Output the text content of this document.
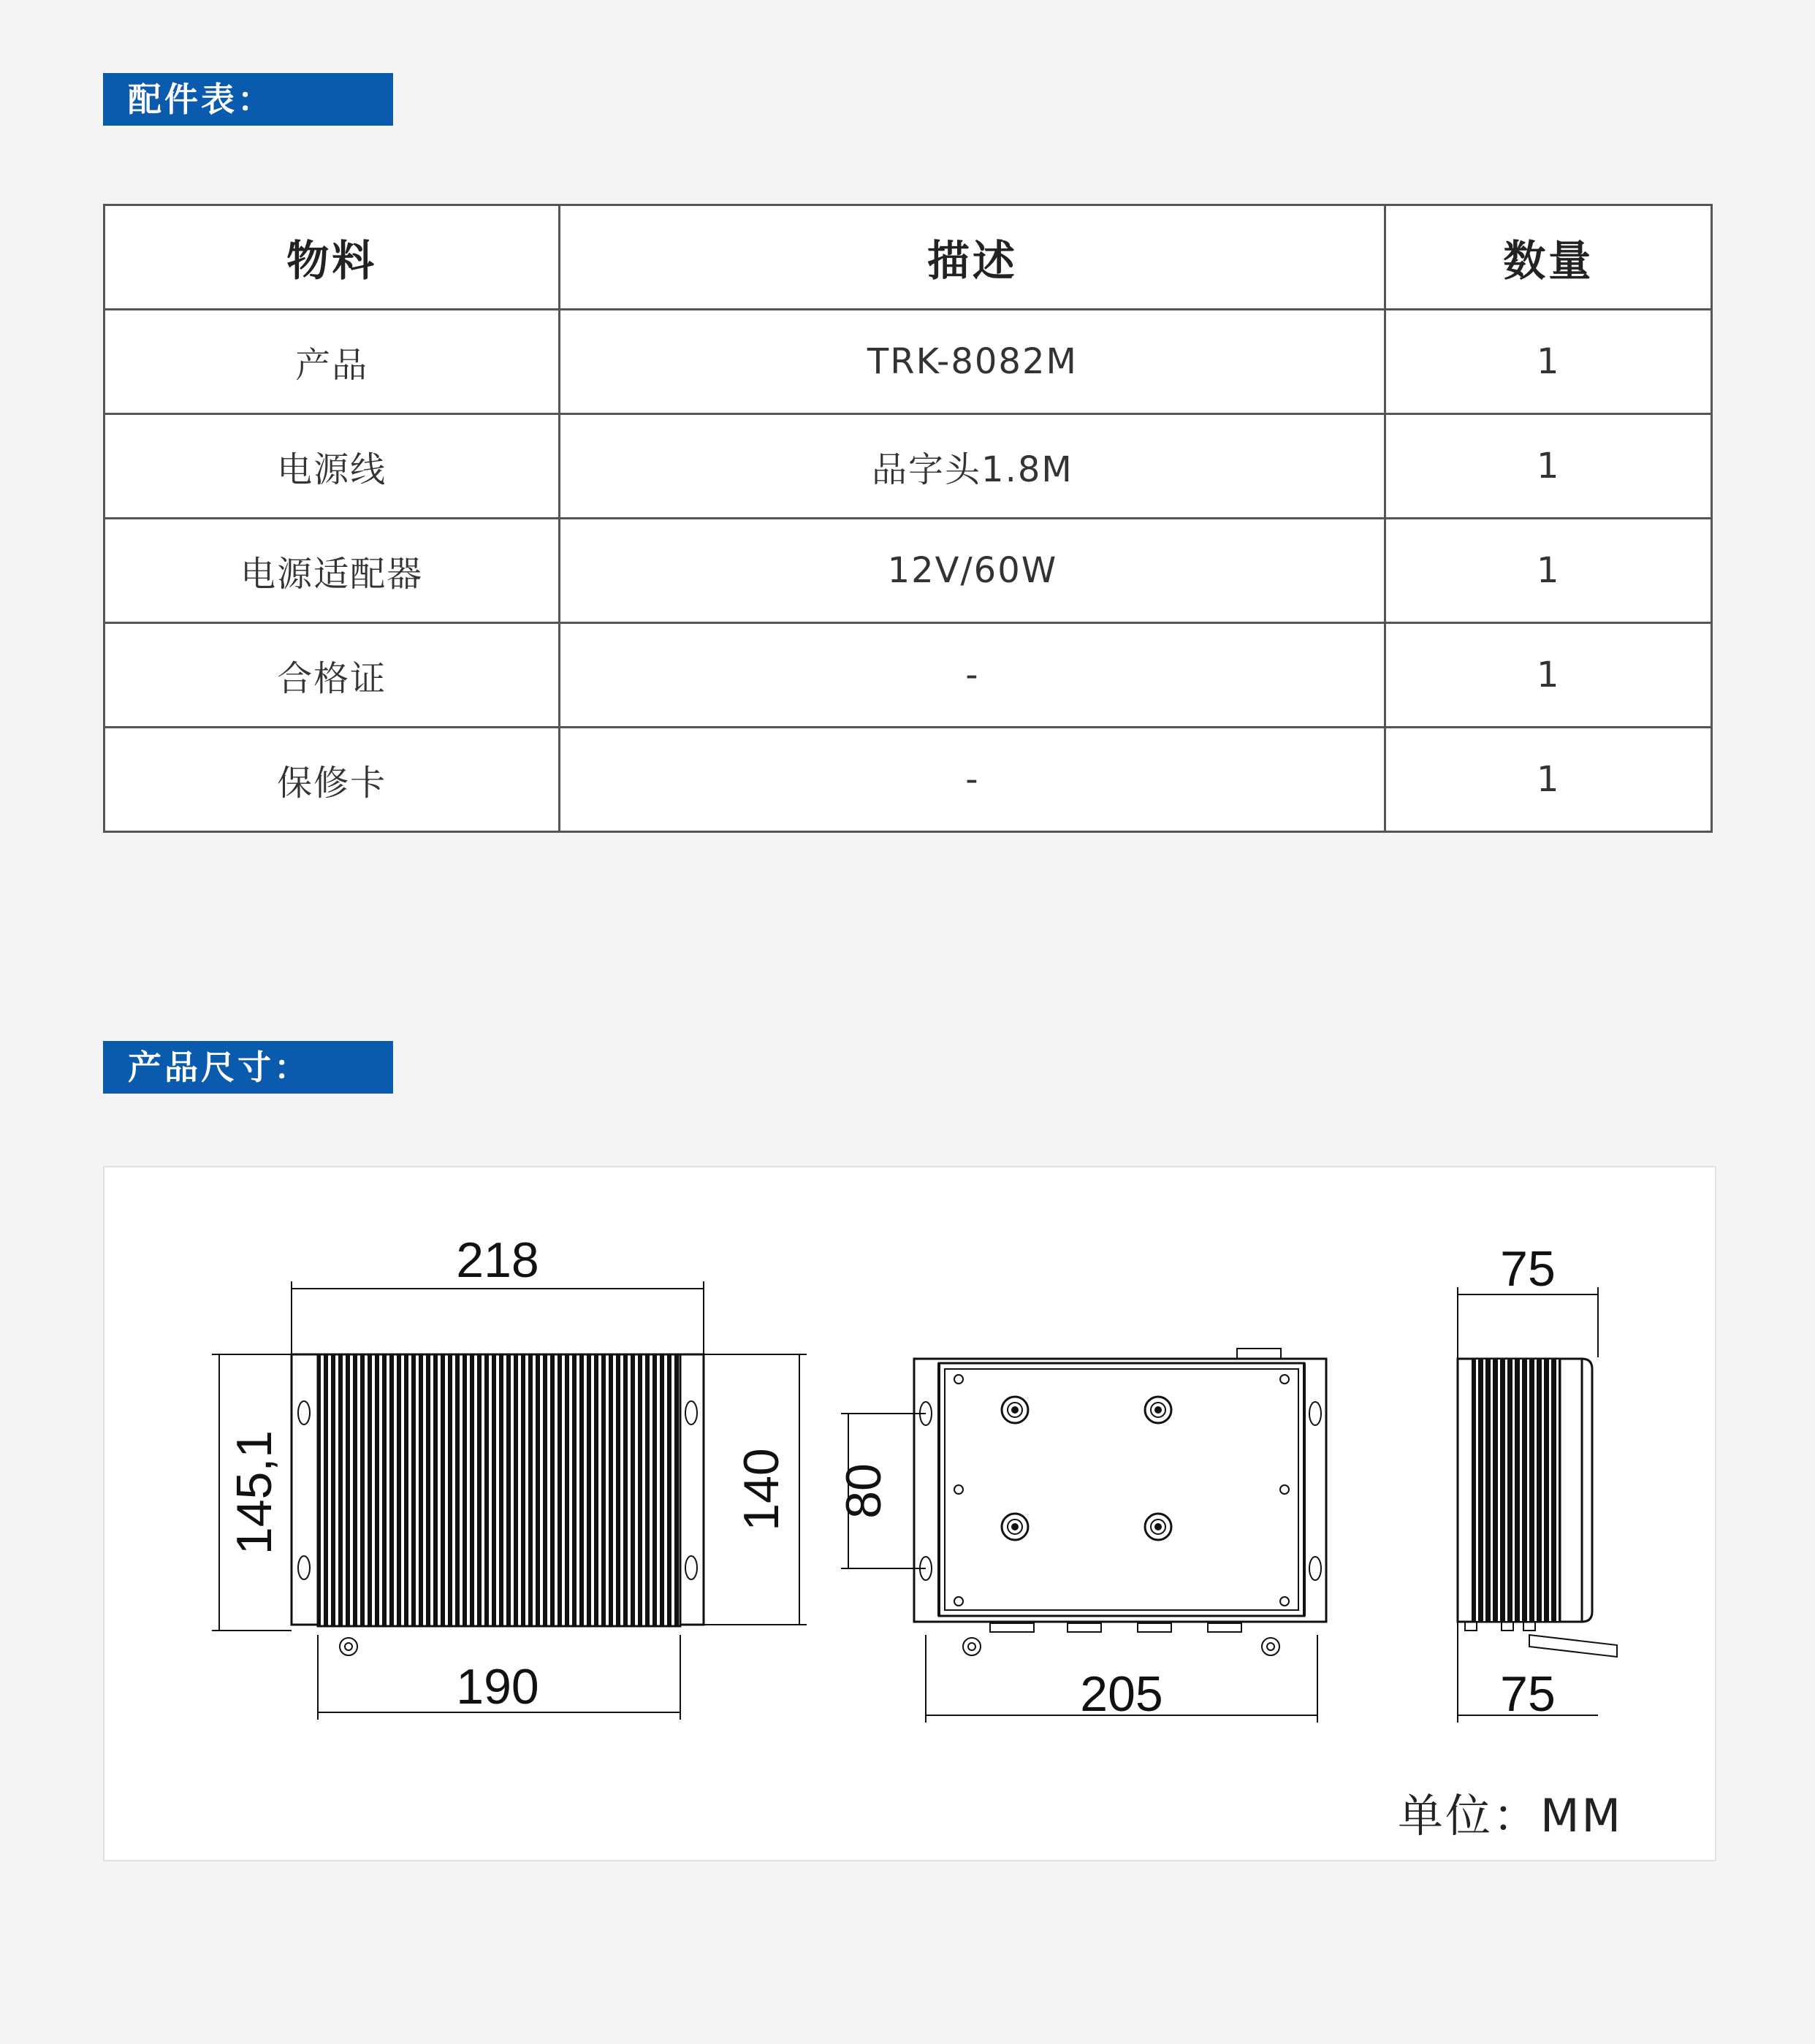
配件表：
物料	描述	数量
产品	TRK-8082M	1
电源线	品字头1.8M	1
电源适配器	12V/60W	1
合格证	-	1
保修卡	-	1
产品尺寸：
218
190
145,1	140
205
80
75
75
单位：MM
